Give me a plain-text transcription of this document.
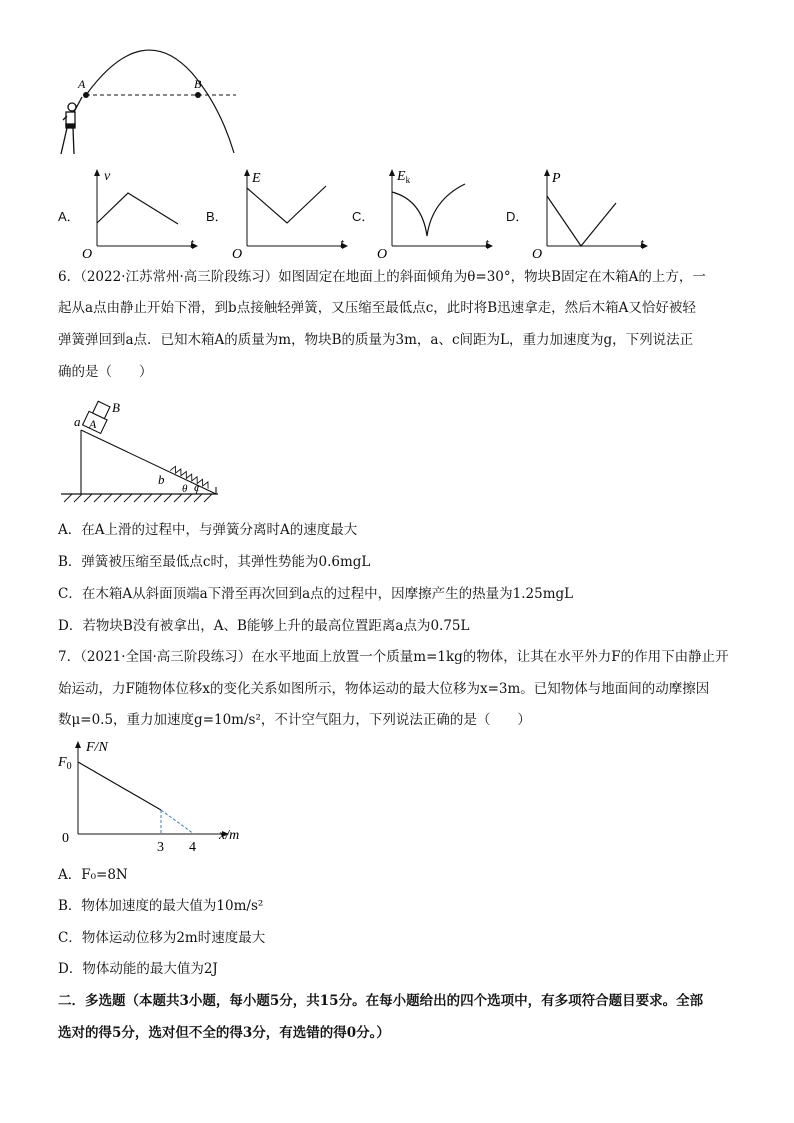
A	B
A．
v
O
t
B．
E
O
t
C．
$E_k$
O
t
D．
P
O
t
6．（2022·江苏常州·高三阶段练习）如图固定在地面上的斜面倾角为θ=30°，物块B固定在木箱A的上方，一
起从a点由静止开始下滑，到b点接触轻弹簧，又压缩至最低点c，此时将B迅速拿走，然后木箱A又恰好被轻
弹簧弹回到a点．已知木箱A的质量为m，物块B的质量为3m，a、c间距为L，重力加速度为g，下列说法正
确的是（　　）
B
A
a
b c
θ
A．在A上滑的过程中，与弹簧分离时A的速度最大
B．弹簧被压缩至最低点c时，其弹性势能为0.6mgL
C．在木箱A从斜面顶端a下滑至再次回到a点的过程中，因摩擦产生的热量为1.25mgL
D．若物块B没有被拿出，A、B能够上升的最高位置距离a点为0.75L
7．（2021·全国·高三阶段练习）在水平地面上放置一个质量m=1kg的物体，让其在水平外力F的作用下由静止开
始运动，力F随物体位移x的变化关系如图所示，物体运动的最大位移为x=3m。已知物体与地面间的动摩擦因
数μ=0.5，重力加速度g=10m/s²，不计空气阻力，下列说法正确的是（　　）
F/N
$F_0$
0
3 4
x/m
A．F₀=8N
B．物体加速度的最大值为10m/s²
C．物体运动位移为2m时速度最大
D．物体动能的最大值为2J
二．多选题（本题共3小题，每小题5分，共15分。在每小题给出的四个选项中，有多项符合题目要求。全部
选对的得5分，选对但不全的得3分，有选错的得0分。）
